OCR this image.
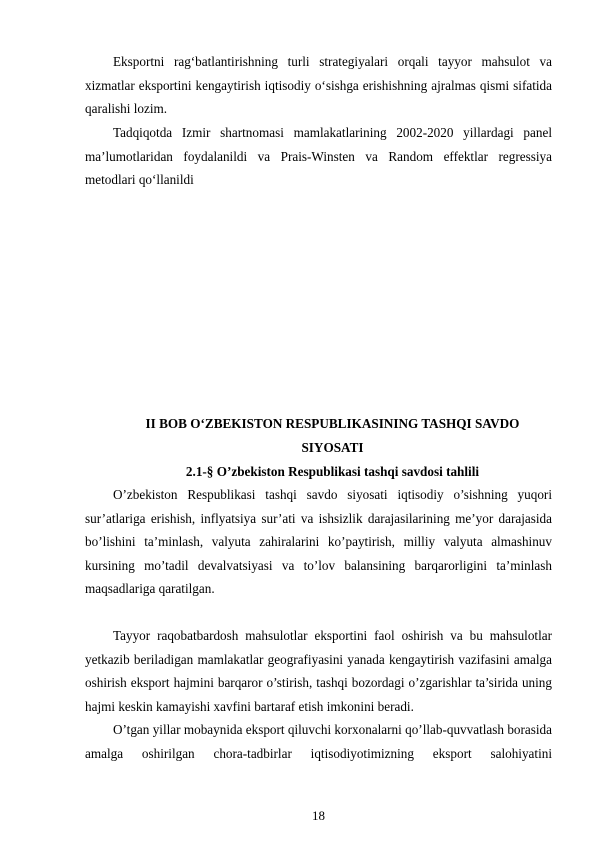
Eksportni rag‘batlantirishning turli strategiyalari orqali tayyor mahsulot va xizmatlar eksportini kengaytirish iqtisodiy o‘sishga erishishning ajralmas qismi sifatida qaralishi lozim.

Tadqiqotda Izmir shartnomasi mamlakatlarining 2002-2020 yillardagi panel ma’lumotlaridan foydalanildi va Prais-Winsten va Random effektlar regressiya metodlari qo‘llanildi

II BOB O‘ZBEKISTON RESPUBLIKASINING TASHQI SAVDO SIYOSATI

2.1-§ O’zbekiston Respublikasi tashqi savdosi tahlili

O’zbekiston Respublikasi tashqi savdo siyosati iqtisodiy o’sishning yuqori sur’atlariga erishish, inflyatsiya sur’ati va ishsizlik darajasilarining me’yor darajasida bo’lishini ta’minlash, valyuta zahiralarini ko’paytirish, milliy valyuta almashinuv kursining mo’tadil devalvatsiyasi va to’lov balansining barqarorligini ta’minlash maqsadlariga qaratilgan.

Tayyor raqobatbardosh mahsulotlar eksportini faol oshirish va bu mahsulotlar yetkazib beriladigan mamlakatlar geografiyasini yanada kengaytirish vazifasini amalga oshirish eksport hajmini barqaror o’stirish, tashqi bozordagi o’zgarishlar ta’sirida uning hajmi keskin kamayishi xavfini bartaraf etish imkonini beradi.

O’tgan yillar mobaynida eksport qiluvchi korxonalarni qo’llab-quvvatlash borasida amalga oshirilgan chora-tadbirlar iqtisodiyotimizning eksport salohiyatini

18
